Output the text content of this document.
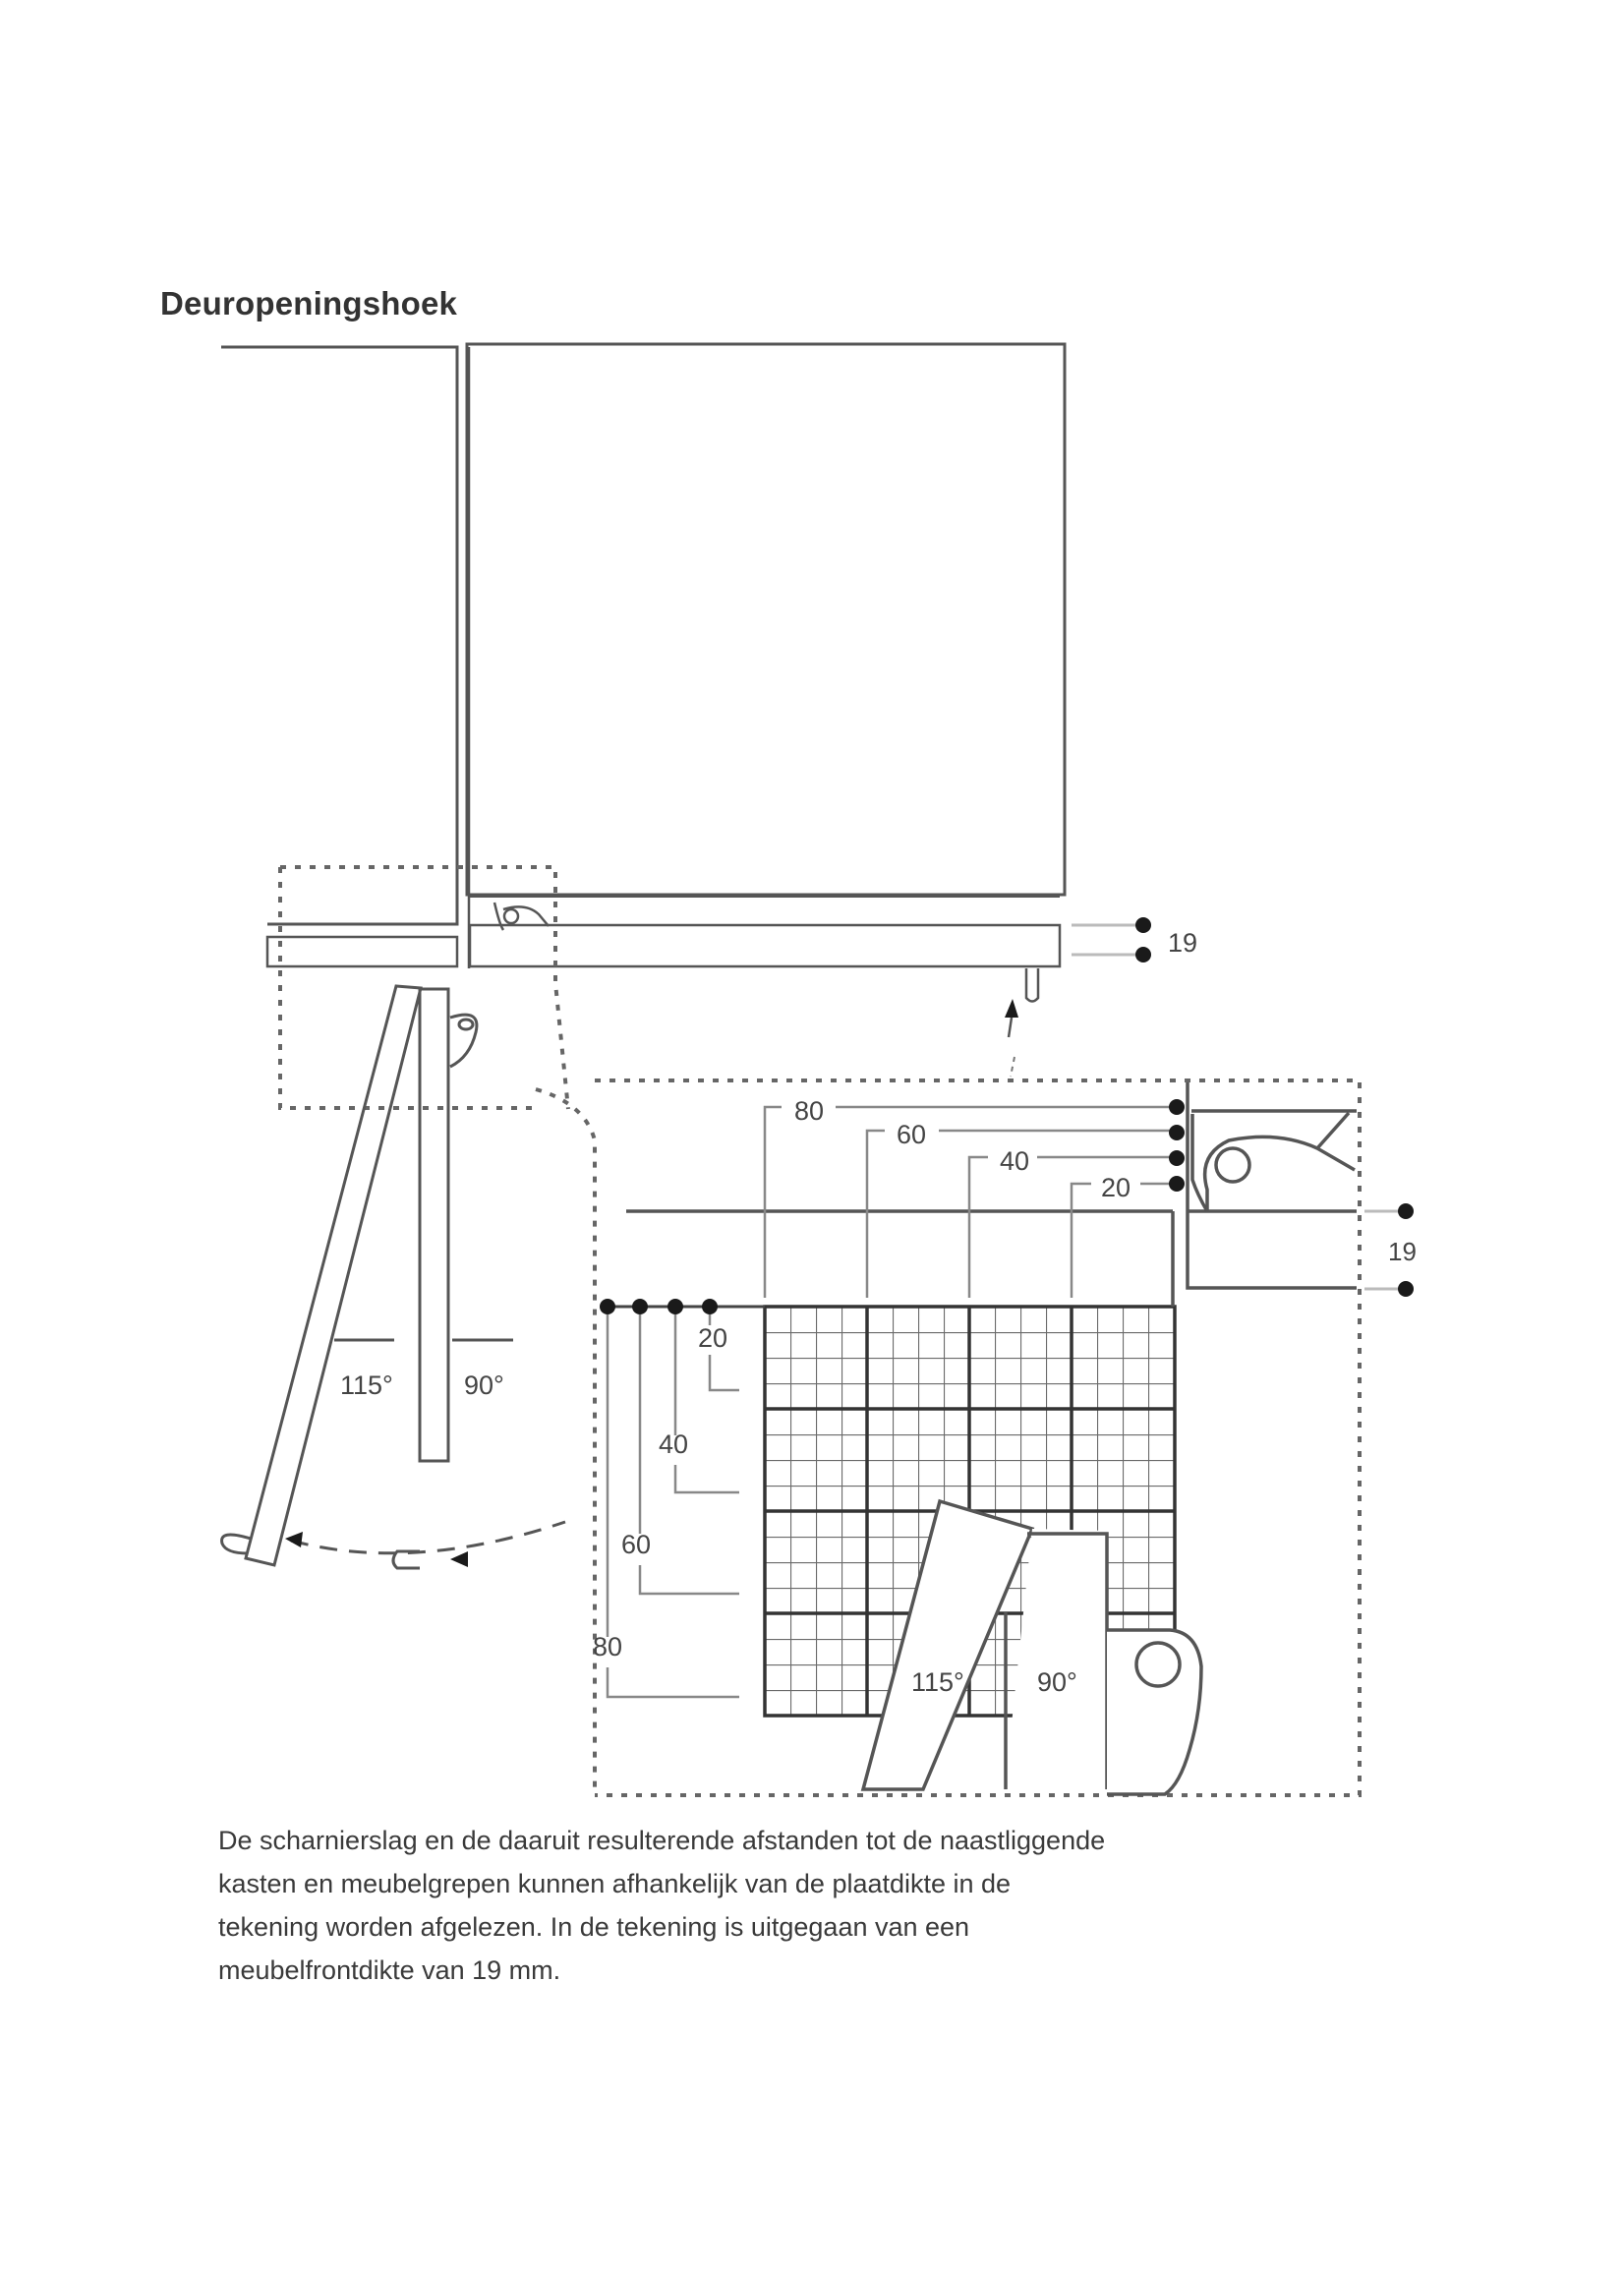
Deuropeningshoek
19
115°	90°
19
80
60
40
20
20
40
60
80
115°	90°
De scharnierslag en de daaruit resulterende afstanden tot de naastliggende
kasten en meubelgrepen kunnen afhankelijk van de plaatdikte in de
tekening worden afgelezen. In de tekening is uitgegaan van een
meubelfrontdikte van 19 mm.
